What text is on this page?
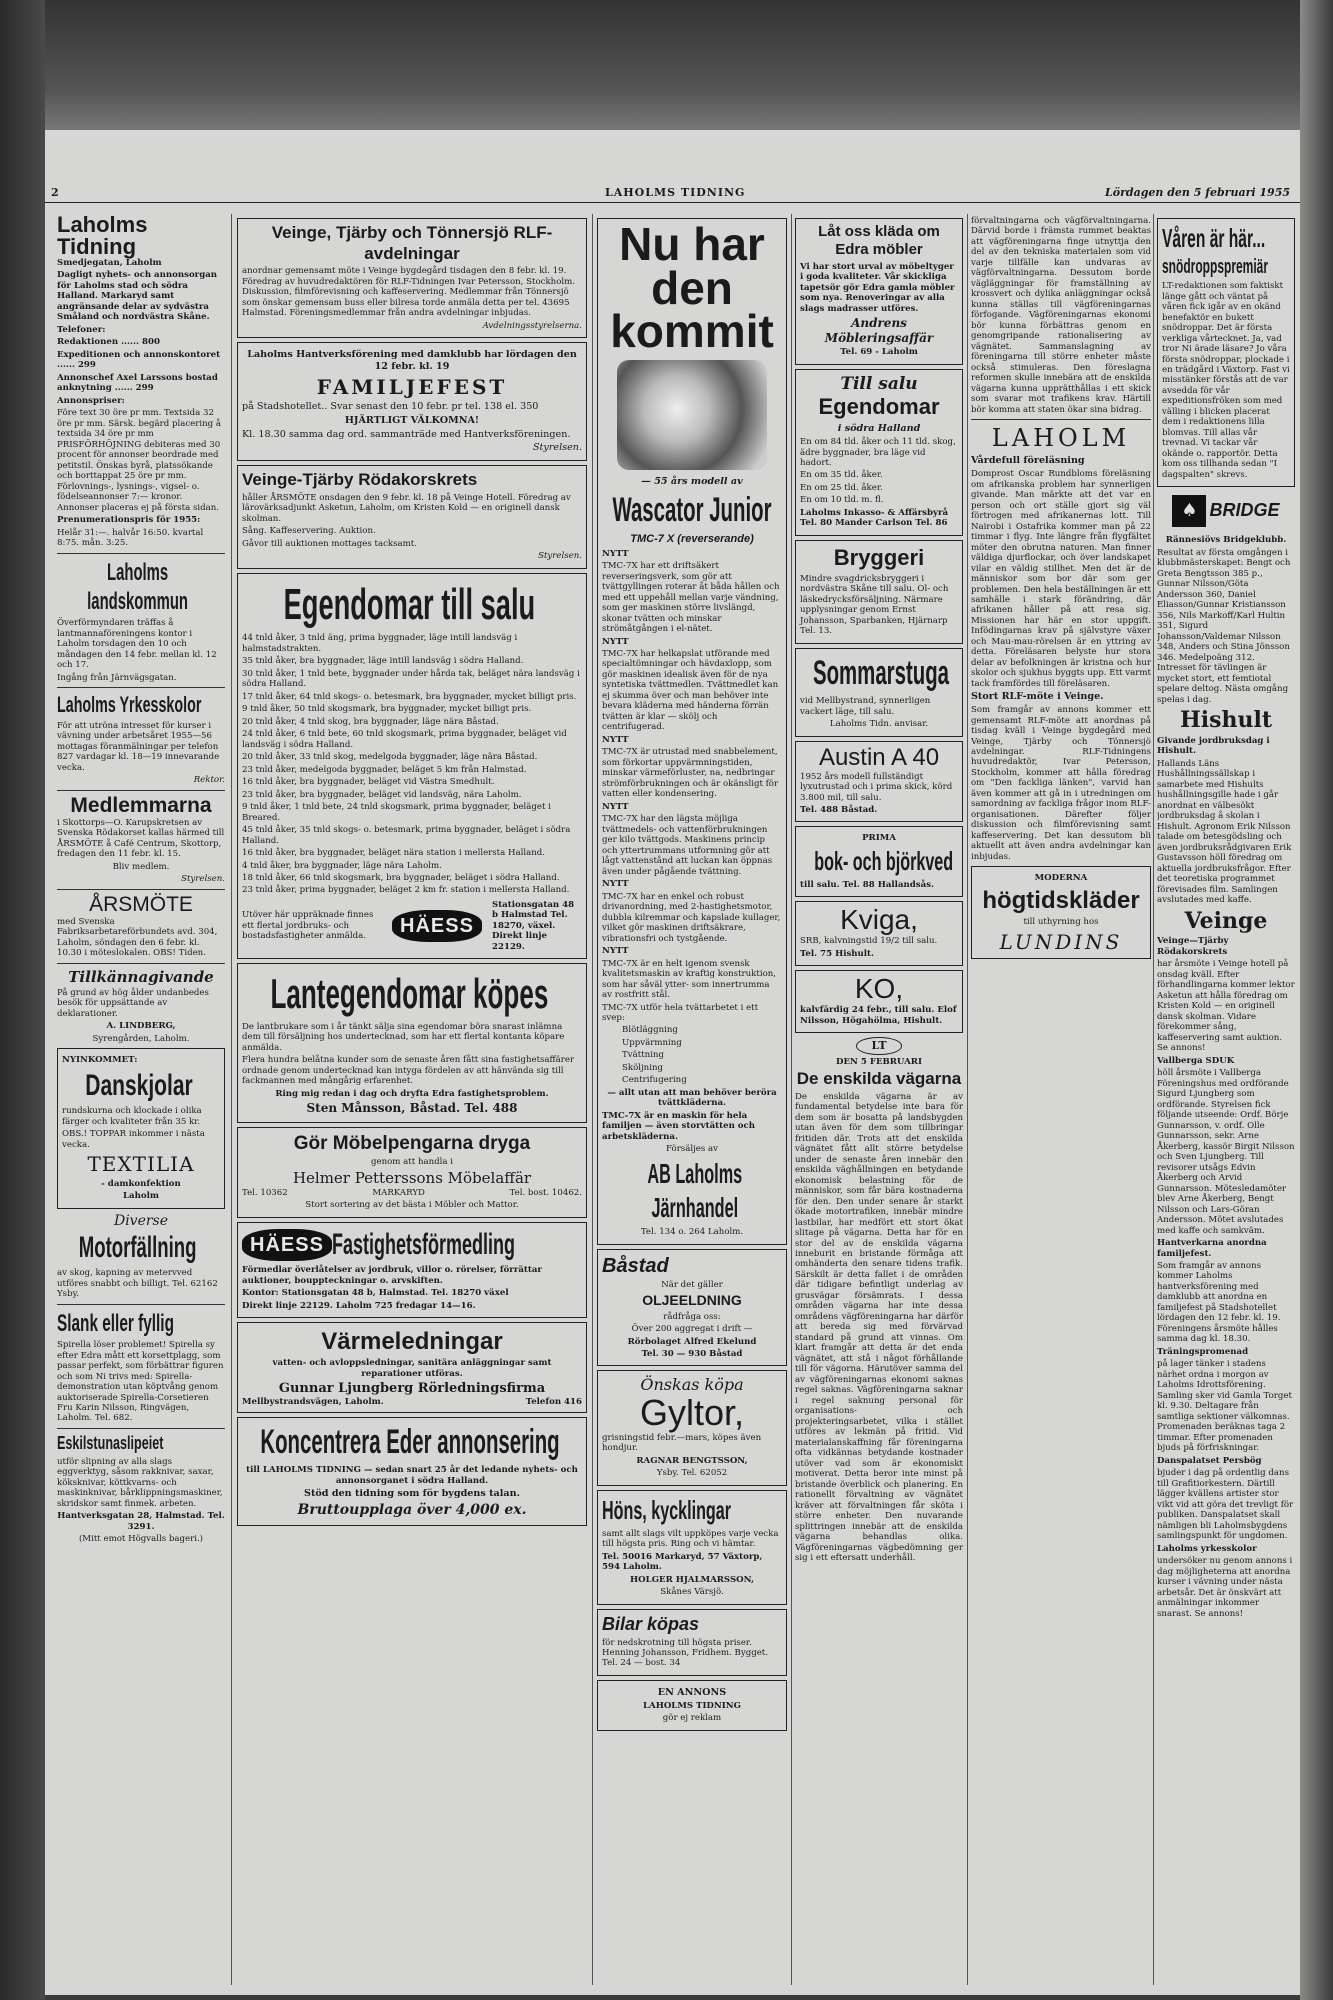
2	LAHOLMS TIDNING	Lördagen den 5 februari 1955
Laholms Tidning
Smedjegatan, Laholm

Dagligt nyhets- och annonsorgan för Laholms stad och södra Halland. Markaryd samt angränsande delar av sydvästra Småland och nordvästra Skåne.

Telefoner:

Redaktionen ...... 800

Expeditionen och annonskontoret ...... 299

Annonschef Axel Larssons bostad anknytning ...... 299

Annonspriser:

Före text 30 öre pr mm. Textsida 32 öre pr mm. Särsk. begärd placering å textsida 34 öre pr mm PRISFÖRHÖJNING debiteras med 30 procent för annonser beordrade med petitstil. Önskas byrå, platssökande och borttappat 25 öre pr mm. Förlovnings-, lysnings-, vigsel- o. födelseannonser 7:— kronor. Annonser placeras ej på första sidan.

Prenumerationspris för 1955:

Helår 31:—. halvår 16:50. kvartal 8:75. mån. 3:25.

Laholms landskommun

Överförmyndaren träffas å lantmannaföreningens kontor i Laholm torsdagen den 10 och måndagen den 14 febr. mellan kl. 12 och 17.

Ingång från Järnvägsgatan.

Laholms Yrkesskolor

För att utröna intresset för kurser i vävning under arbetsåret 1955—56 mottagas föranmälningar per telefon 827 vardagar kl. 18—19 innevarande vecka.

Rektor.

Medlemmarna

i Skottorps—O. Karupskretsen av Svenska Rödakorset kallas härmed till ÅRSMÖTE å Café Centrum, Skottorp, fredagen den 11 febr. kl. 15.

Bliv medlem.

Styrelsen.

ÅRSMÖTE

med Svenska Fabriksarbetareförbundets avd. 304, Laholm, söndagen den 6 febr. kl. 10.30 i möteslokalen. OBS! Tiden.

Tillkännagivande

På grund av hög ålder undanbedes besök för uppsättande av deklarationer.

A. LINDBERG,

Syrengården, Laholm.

NYINKOMMET:

Danskjolar

rundskurna och klockade i olika färger och kvaliteter från 35 kr.

OBS.! TOPPAR inkommer i nästa vecka.

TEXTILIA

- damkonfektion

Laholm

Diverse
Motorfällning

av skog, kapning av metervved utföres snabbt och billigt. Tel. 62162 Ysby.

Slank eller fyllig

Spirella löser problemet! Spirella sy efter Edra mått ett korsettplagg, som passar perfekt, som förbättrar figuren och som Ni trivs med: Spirella-demonstration utan köptvång genom auktoriserade Spirella-Corsetieren Fru Karin Nilsson, Ringvägen, Laholm. Tel. 682.

Eskilstunaslipeiet

utför slipning av alla slags eggverktyg, såsom rakknivar, saxar, köksknivar, köttkvarns- och maskinknivar, bårklippningsmaskiner, skridskor samt finmek. arbeten.

Hantverksgatan 28, Halmstad. Tel. 3291.

(Mitt emot Högvalls bageri.)

Veinge, Tjärby och Tönnersjö RLF-avdelningar

anordnar gemensamt möte i Veinge bygdegård tisdagen den 8 febr. kl. 19. Föredrag av huvudredaktören för RLF-Tidningen Ivar Petersson, Stockholm. Diskussion, filmförevisning och kaffeservering. Medlemmar från Tönnersjö som önskar gemensam buss eller bilresa torde anmäla detta per tel. 43695 Halmstad. Föreningsmedlemmar från andra avdelningar inbjudas.

Avdelningsstyrelserna.

Laholms Hantverksförening med damklubb har lördagen den 12 febr. kl. 19

FAMILJEFEST

på Stadshotellet.. Svar senast den 10 febr. pr tel. 138 el. 350

HJÄRTLIGT VÄLKOMNA!

Kl. 18.30 samma dag ord. sammanträde med Hantverksföreningen.

Styrelsen.

Veinge-Tjärby Rödakorskrets

håller ÅRSMÖTE onsdagen den 9 febr. kl. 18 på Veinge Hotell. Föredrag av lärovärksadjunkt Asketun, Laholm, om Kristen Kold — en originell dansk skolman.

Sång. Kaffeservering. Auktion.

Gåvor till auktionen mottages tacksamt.

Styrelsen.

Egendomar till salu

44 tnld åker, 3 tnld äng, prima byggnader, läge intill landsväg i halmstadstrakten.

35 tnld åker, bra byggnader, läge intill landsväg i södra Halland.

30 tnld åker, 1 tnld bete, byggnader under hårda tak, beläget nära landsväg i södra Halland.

17 tnld åker, 64 tnld skogs- o. betesmark, bra byggnader, mycket billigt pris.

9 tnld åker, 50 tnld skogsmark, bra byggnader, mycket billigt pris.

20 tnld åker, 4 tnld skog, bra byggnader, läge nära Båstad.

24 tnld åker, 6 tnld bete, 60 tnld skogsmark, prima byggnader, beläget vid landsväg i södra Halland.

20 tnld åker, 33 tnld skog, medelgoda byggnader, läge nära Båstad.

23 tnld åker, medelgoda byggnader, beläget 5 km från Halmstad.

16 tnld åker, bra byggnader, beläget vid Västra Smedhult.

23 tnld åker, bra byggnader, beläget vid landsväg, nära Laholm.

9 tnld åker, 1 tnld bete, 24 tnld skogsmark, prima byggnader, beläget i Breared.

45 tnld åker, 35 tnld skogs- o. betesmark, prima byggnader, beläget i södra Halland.

16 tnld åker, bra byggnader, beläget nära station i mellersta Halland.

4 tnld åker, bra byggnader, läge nära Laholm.

18 tnld åker, 66 tnld skogsmark, bra byggnader, beläget i södra Halland.

23 tnld åker, prima byggnader, beläget 2 km fr. station i mellersta Halland.

Utöver här uppräknade finnes ett flertal jordbruks- och bostadsfastigheter anmälda.	HÄESS

Stationsgatan 48 b Halmstad Tel. 18270, växel. Direkt linje 22129.

Lantegendomar köpes

De lantbrukare som i år tänkt sälja sina egendomar böra snarast inlämna dem till försäljning hos undertecknad, som har ett flertal kontanta köpare anmälda.

Flera hundra belåtna kunder som de senaste åren fått sina fastighetsaffärer ordnade genom undertecknad kan intyga fördelen av att hänvända sig till fackmannen med mångårig erfarenhet.

Ring mig redan i dag och dryfta Edra fastighetsproblem.

Sten Månsson, Båstad. Tel. 488

Gör Möbelpengarna dryga

genom att handla i

Helmer Petterssons Möbelaffär
Tel. 10362	MARKARYD	Tel. bost. 10462.

Stort sortering av det bästa i Möbler och Mattor.

HÄESS Fastighetsförmedling

Förmedlar överlåtelser av jordbruk, villor o. rörelser, förrättar auktioner, bouppteckningar o. arvskiften.

Kontor: Stationsgatan 48 b, Halmstad. Tel. 18270 växel

Direkt linje 22129. Laholm 725 fredagar 14—16.

Värmeledningar

vatten- och avloppsledningar, sanitära anläggningar samt reparationer utföras.

Gunnar Ljungberg Rörledningsfirma
Mellbystrandsvägen, Laholm.	Telefon 416
Koncentrera Eder annonsering

till LAHOLMS TIDNING — sedan snart 25 år det ledande nyhets- och annonsorganet i södra Halland.

Stöd den tidning som för bygdens talan.

Bruttoupplaga över 4,000 ex.

Nu har den kommit

— 55 års modell av

Wascator Junior

TMC-7 X (reverserande)

NYTT

TMC-7X har ett driftsäkert reverseringsverk, som gör att tvättgyllingen roterar åt båda hållen och med ett uppehåll mellan varje vändning, som ger maskinen större livslängd, skonar tvätten och minskar strömåtgången i el-nätet.

NYTT

TMC-7X har helkapslat utförande med specialtömningar och hävdaxlopp, som gör maskinen idealisk även för de nya syntetiska tvättmedlen. Tvättmedlet kan ej skumma över och man behöver inte bevara kläderna med händerna förrän tvätten är klar — skölj och centrifugerad.

NYTT

TMC-7X är utrustad med snabbelement, som förkortar uppvärmningstiden, minskar värmeförluster, na, nedbringar strömförbrukningen och är okänsligt för vatten eller kondensering.

NYTT

TMC-7X har den lägsta möjliga tvättmedels- och vattenförbrukningen ger kilo tvättgods. Maskinens princip och yttertrummans utformning gör att lågt vattenstånd att luckan kan öppnas även under pågående tvättning.

NYTT

TMC-7X har en enkel och robust drivanordning, med 2-hastighetsmotor, dubbla kilremmar och kapslade kullager, vilket gör maskinen driftsäkrare, vibrationsfri och tystgående.

NYTT

TMC-7X är en helt igenom svensk kvalitetsmaskin av kraftig konstruktion, som har såväl ytter- som innertrumma av rostfritt stål.

TMC-7X utför hela tvättarbetet i ett svep:

Blötläggning

Uppvärmning

Tvättning

Sköljning

Centrifugering

— allt utan att man behöver beröra tvättkläderna.

TMC-7X är en maskin för hela familjen — även storvtätten och arbetskläderna.

Försäljes av

AB Laholms Järnhandel

Tel. 134 o. 264 Laholm.

Båstad

När det gäller

OLJEELDNING

rådfråga oss:

Över 200 aggregat i drift —

Rörbolaget Alfred Ekelund

Tel. 30 — 930 Båstad

Önskas köpa
Gyltor,

grisningstid febr.—mars, köpes även hondjur.

RAGNAR BENGTSSON,

Ysby. Tel. 62052

Höns, kycklingar

samt allt slags vilt uppköpes varje vecka till högsta pris. Ring och vi hämtar.

Tel. 50016 Markaryd, 57 Växtorp, 594 Laholm.

HOLGER HJALMARSSON,

Skånes Värsjö.

Bilar köpas

för nedskrotning till högsta priser. Henning Johansson, Fridhem. Bygget. Tel. 24 — bost. 34

EN ANNONS

LAHOLMS TIDNING

gör ej reklam

Låt oss kläda om Edra möbler

Vi har stort urval av möbeltyger i goda kvaliteter. Vår skickliga tapetsör gör Edra gamla möbler som nya. Renoveringar av alla slags madrasser utföres.

Andrens Möbleringsaffär

Tel. 69 - Laholm

Till salu
Egendomar

i södra Halland

En om 84 tld. åker och 11 tld. skog, ädre byggnader, bra läge vid hadort.

En om 35 tld. åker.

En om 25 tld. åker.

En om 10 tld. m. fl.

Laholms Inkasso- & Affärsbyrå Tel. 80 Mander Carlson Tel. 86

Bryggeri

Mindre svagdricksbryggeri i nordvästra Skåne till salu. Ol- och läskedrycksförsäljning. Närmare upplysningar genom Ernst Johansson, Sparbanken, Hjärnarp Tel. 13.

Sommarstuga

vid Mellbystrand, synnerligen vackert läge, till salu.

Laholms Tidn. anvisar.

Austin A 40

1952 års modell fullständigt lyxutrustad och i prima skick, körd 3.800 mil, till salu.

Tel. 488 Båstad.

PRIMA

bok- och björkved

till salu. Tel. 88 Hallandsås.

Kviga,

SRB, kalvningstid 19/2 till salu.

Tel. 75 Hishult.

KO,

kalvfärdig 24 febr., till salu. Elof Nilsson, Högahölma, Hishult.

LT

DEN 5 FEBRUARI

De enskilda vägarna

De enskilda vägarna är av fundamental betydelse inte bara för dem som är bosatta på landsbygden utan även för dem som tillbringar fritiden där. Trots att det enskilda vägnätet fått allt större betydelse under de senaste åren innebär den enskilda väghållningen en betydande ekonomisk belastning för de människor, som får bära kostnaderna för den. Den under senare år starkt ökade motortrafiken, innebär mindre lastbilar, har medfört ett stort ökat slitage på vägarna. Detta har för en stor del av de enskilda vägarna inneburit en bristande förmåga att omhänderta den senare tidens trafik. Särskilt är detta fallet i de områden där tidigare befintligt underlag av grusvägar försämrats. I dessa områden vägarna har inte dessa områdens vägföreningarna har därför att bereda sig med förvärvad standard på grund att vinnas. Om klart framgår att detta är det enda vägnätet, att stå i något förhållande till för vägorna. Härutöver samma del av vägföreningarnas ekonomi saknas regel saknas. Vägföreningarna saknar i regel saknung personal för organisations- och projekteringsarbetet, vilka i stället utföres av lekmän på fritid. Vid materialanskaffning får föreningarna ofta vidkännas betydande kostnader utöver vad som är ekonomiskt motiverat. Detta beror inte minst på bristande överblick och planering. En rationellt förvaltning av vägnätet kräver att förvaltningen får sköta i större enheter. Den nuvarande splittringen innebär att de enskilda vägarna behandlas olika. Vägföreningarnas vägbedömning ger sig i ett eftersatt underhåll.

förvaltningarna och vägförvaltningarna. Därvid borde i främsta rummet beaktas att vägföreningarna finge utnyttja den del av den tekniska materialen som vid varje tillfälle kan undvaras av vägförvaltningarna. Dessutom borde vägläggningar för framställning av krossvert och dylika anläggningar också kunna ställas till vägföreningarnas förfogande. Vägföreningarnas ekonomi bör kunna förbättras genom en genomgripande rationalisering av vägnätet. Sammanslagning av föreningarna till större enheter måste också stimuleras. Den föreslagna reformen skulle innebära att de enskilda vägarna kunna upprätthållas i ett skick som svarar mot trafikens krav. Härtill bör komma att staten ökar sina bidrag.

LAHOLM

Vårdefull föreläsning

Domprost Oscar Rundbloms föreläsning om afrikanska problem har synnerligen givande. Man märkte att det var en person och ort ställe gjort sig väl förtrogen med afrikanernas lott. Till Nairobi i Ostafrika kommer man på 22 timmar i flyg. Inte längre från flygfältet möter den obrutna naturen. Man finner väldiga djurflockar, och över landskapet vilar en väldig stillhet. Men det är de människor som bor där som ger problemen. Den hela beställningen är ett samhälle i stark förändring, där afrikanen håller på att resa sig. Missionen har här en stor uppgift. Infödingarnas krav på självstyre växer och Mau-mau-rörelsen är en yttring av detta. Föreläsaren belyste hur stora delar av befolkningen är kristna och hur skolor och sjukhus byggts upp. Ett varmt tack framfördes till föreläsaren.

Stort RLF-möte i Veinge.

Som framgår av annons kommer ett gemensamt RLF-möte att anordnas på tisdag kväll i Veinge bygdegård med Veinge, Tjärby och Tönnersjö avdelningar. RLF-Tidningens huvudredaktör, Ivar Petersson, Stockholm, kommer att hålla föredrag om "Den fackliga länken", varvid han även kommer att gå in i utredningen om samordning av fackliga frågor inom RLF-organisationen. Därefter följer diskussion och filmförevisning samt kaffeservering. Det kan dessutom bli aktuellt att även andra avdelningar kan inbjudas.

MODERNA

högtidskläder

till uthyrning hos

LUNDINS
Våren är här... snödroppspremiär

LT-redaktionen som faktiskt länge gått och väntat på våren fick igår av en okänd benefaktör en bukett snödroppar. Det är första verkliga vårtecknet. Ja, vad tror Ni ärade läsare? Jo våra första snödroppar, plockade i en trädgård i Växtorp. Fast vi misstänker förstås att de var avsedda för vår expeditionsfröken som med välling i blicken placerat dem i redaktionens lilla blomvas. Till allas vår trevnad. Vi tackar vår okände o. rapportör. Detta kom oss tillhanda sedan "I dagspalten" skrevs.

♠ BRIDGE

Rännesiövs Bridgeklubb.

Resultat av första omgången i klubbmästerskapet: Bengt och Greta Bengtsson 385 p., Gunnar Nilsson/Göta Andersson 360, Daniel Eliasson/Gunnar Kristiansson 356, Nils Markoff/Karl Hultin 351, Sigurd Johansson/Valdemar Nilsson 348, Anders och Stina Jönsson 346. Medelpoäng 312. Intresset för tävlingen är mycket stort, ett femtiotal spelare deltog. Nästa omgång spelas i dag.

Hishult

Givande jordbruksdag i Hishult.

Hallands Läns Hushållningssällskap i samarbete med Hishults hushållningsgille hade i går anordnat en välbesökt jordbruksdag å skolan i Hishult. Agronom Erik Nilsson talade om betesgödsling och även jordbruksrådgivaren Erik Gustavsson höll föredrag om aktuella jordbruksfrågor. Efter det teoretiska programmet förevisades film. Samlingen avslutades med kaffe.

Veinge

Veinge—Tjärby Rödakorskrets

har årsmöte i Veinge hotell på onsdag kväll. Efter förhandlingarna kommer lektor Asketun att hålla föredrag om Kristen Kold — en originell dansk skolman. Vidare förekommer sång, kaffeservering samt auktion. Se annons!

Vallberga SDUK

höll årsmöte i Vallberga Föreningshus med ordförande Sigurd Ljungberg som ordförande. Styrelsen fick följande utseende: Ordf. Börje Gunnarsson, v. ordf. Olle Gunnarsson, sekr. Arne Åkerberg, kassör Birgit Nilsson och Sven Ljungberg. Till revisorer utsågs Edvin Åkerberg och Arvid Gunnarsson. Mötesledamöter blev Arne Åkerberg, Bengt Nilsson och Lars-Göran Andersson. Mötet avslutades med kaffe och samkväm.

Hantverkarna anordna familjefest.

Som framgår av annons kommer Laholms hantverksförening med damklubb att anordna en familjefest på Stadshotellet lördagen den 12 febr. kl. 19. Föreningens årsmöte hålles samma dag kl. 18.30.

Träningspromenad

på lager tänker i stadens närhet ordna i morgon av Laholms Idrottsförening. Samling sker vid Gamla Torget kl. 9.30. Deltagare från samtliga sektioner välkomnas. Promenaden beräknas taga 2 timmar. Efter promenaden bjuds på förfriskningar.

Danspalatset Persbög

bjuder i dag på ordentlig dans till Grafitiorkestern. Därtill lägger kvällens artister stor vikt vid att göra det trevligt för publiken. Danspalatset skall nämligen bli Laholmsbygdens samlingspunkt för ungdomen.

Laholms yrkesskolor

undersöker nu genom annons i dag möjligheterna att anordna kurser i vävning under nästa arbetsår. Det är önskvärt att anmälningar inkommer snarast. Se annons!
